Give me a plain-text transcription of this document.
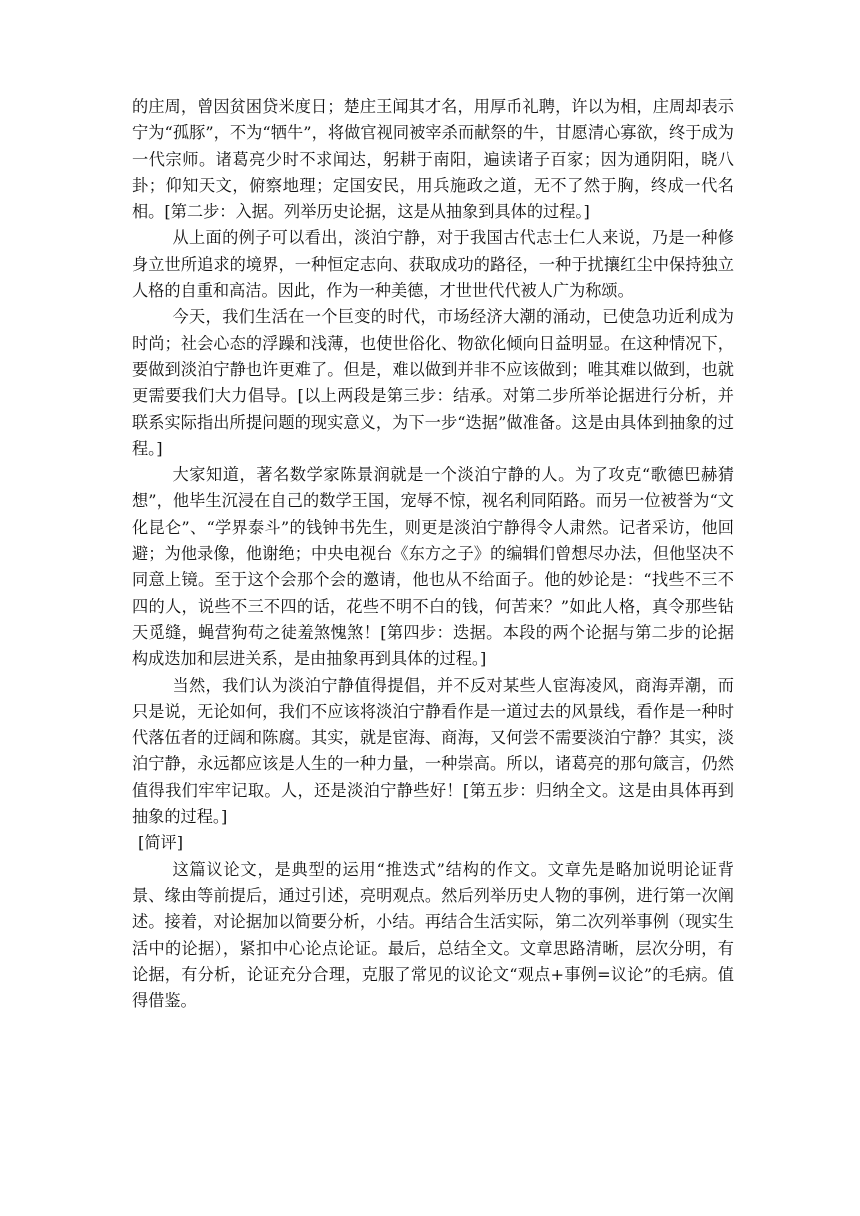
的庄周，曾因贫困贷米度日；楚庄王闻其才名，用厚币礼聘，许以为相，庄周却表示宁为“孤豚”，不为“牺牛”，将做官视同被宰杀而献祭的牛，甘愿清心寡欲，终于成为一代宗师。诸葛亮少时不求闻达，躬耕于南阳，遍读诸子百家；因为通阴阳，晓八卦；仰知天文，俯察地理；定国安民，用兵施政之道，无不了然于胸，终成一代名相。[第二步：入据。列举历史论据，这是从抽象到具体的过程。]

从上面的例子可以看出，淡泊宁静，对于我国古代志士仁人来说，乃是一种修身立世所追求的境界，一种恒定志向、获取成功的路径，一种于扰攘红尘中保持独立人格的自重和高洁。因此，作为一种美德，才世世代代被人广为称颂。

今天，我们生活在一个巨变的时代，市场经济大潮的涌动，已使急功近利成为时尚；社会心态的浮躁和浅薄，也使世俗化、物欲化倾向日益明显。在这种情况下，要做到淡泊宁静也许更难了。但是，难以做到并非不应该做到；唯其难以做到，也就更需要我们大力倡导。[以上两段是第三步：结承。对第二步所举论据进行分析，并联系实际指出所提问题的现实意义，为下一步“迭据”做准备。这是由具体到抽象的过程。]

大家知道，著名数学家陈景润就是一个淡泊宁静的人。为了攻克“歌德巴赫猜想”，他毕生沉浸在自己的数学王国，宠辱不惊，视名利同陌路。而另一位被誉为“文化昆仑”、“学界泰斗”的钱钟书先生，则更是淡泊宁静得令人肃然。记者采访，他回避；为他录像，他谢绝；中央电视台《东方之子》的编辑们曾想尽办法，但他坚决不同意上镜。至于这个会那个会的邀请，他也从不给面子。他的妙论是：“找些不三不四的人，说些不三不四的话，花些不明不白的钱，何苦来？”如此人格，真令那些钻天觅缝，蝇营狗苟之徒羞煞愧煞！[第四步：迭据。本段的两个论据与第二步的论据构成迭加和层进关系，是由抽象再到具体的过程。]

当然，我们认为淡泊宁静值得提倡，并不反对某些人宦海凌风，商海弄潮，而只是说，无论如何，我们不应该将淡泊宁静看作是一道过去的风景线，看作是一种时代落伍者的迂阔和陈腐。其实，就是宦海、商海，又何尝不需要淡泊宁静？其实，淡泊宁静，永远都应该是人生的一种力量，一种崇高。所以，诸葛亮的那句箴言，仍然值得我们牢牢记取。人，还是淡泊宁静些好！[第五步：归纳全文。这是由具体再到抽象的过程。]

[简评]

这篇议论文，是典型的运用“推迭式”结构的作文。文章先是略加说明论证背景、缘由等前提后，通过引述，亮明观点。然后列举历史人物的事例，进行第一次阐述。接着，对论据加以简要分析，小结。再结合生活实际，第二次列举事例（现实生活中的论据），紧扣中心论点论证。最后，总结全文。文章思路清晰，层次分明，有论据，有分析，论证充分合理，克服了常见的议论文“观点+事例=议论”的毛病。值得借鉴。
